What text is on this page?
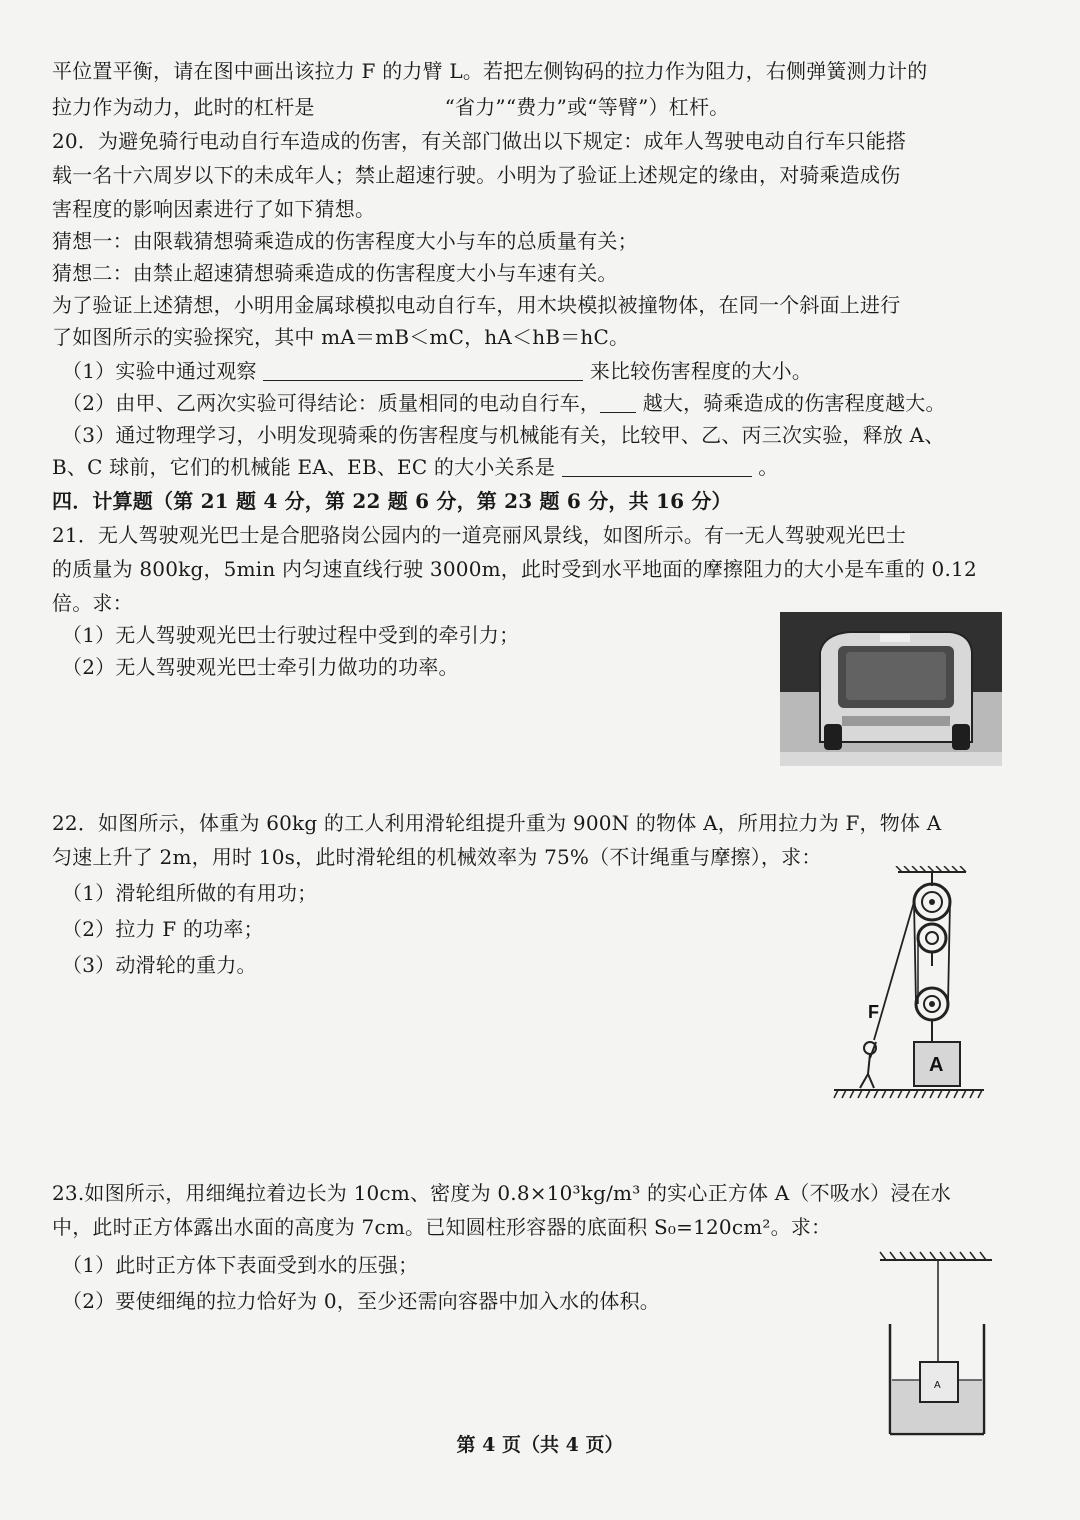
平位置平衡，请在图中画出该拉力 F 的力臂 L。若把左侧钩码的拉力作为阻力，右侧弹簧测力计的
拉力作为动力，此时的杠杆是	“省力”“费力”或“等臂”）杠杆。
20．为避免骑行电动自行车造成的伤害，有关部门做出以下规定：成年人驾驶电动自行车只能搭
载一名十六周岁以下的未成年人；禁止超速行驶。小明为了验证上述规定的缘由，对骑乘造成伤
害程度的影响因素进行了如下猜想。
猜想一：由限载猜想骑乘造成的伤害程度大小与车的总质量有关；
猜想二：由禁止超速猜想骑乘造成的伤害程度大小与车速有关。
为了验证上述猜想，小明用金属球模拟电动自行车，用木块模拟被撞物体，在同一个斜面上进行
了如图所示的实验探究，其中 mA＝mB＜mC，hA＜hB＝hC。
（1）实验中通过观察	来比较伤害程度的大小。
（2）由甲、乙两次实验可得结论：质量相同的电动自行车， 越大，骑乘造成的伤害程度越大。
（3）通过物理学习，小明发现骑乘的伤害程度与机械能有关，比较甲、乙、丙三次实验，释放 A、
B、C 球前，它们的机械能 EA、EB、EC 的大小关系是	。
四．计算题（第 21 题 4 分，第 22 题 6 分，第 23 题 6 分，共 16 分）
21．无人驾驶观光巴士是合肥骆岗公园内的一道亮丽风景线，如图所示。有一无人驾驶观光巴士
的质量为 800kg，5min 内匀速直线行驶 3000m，此时受到水平地面的摩擦阻力的大小是车重的 0.12
倍。求：
（1）无人驾驶观光巴士行驶过程中受到的牵引力；
（2）无人驾驶观光巴士牵引力做功的功率。
22．如图所示，体重为 60kg 的工人利用滑轮组提升重为 900N 的物体 A，所用拉力为 F，物体 A
匀速上升了 2m，用时 10s，此时滑轮组的机械效率为 75%（不计绳重与摩擦），求：
（1）滑轮组所做的有用功；
（2）拉力 F 的功率；
（3）动滑轮的重力。
A
F
23.如图所示，用细绳拉着边长为 10cm、密度为 0.8×10³kg/m³ 的实心正方体 A（不吸水）浸在水
中，此时正方体露出水面的高度为 7cm。已知圆柱形容器的底面积 S₀=120cm²。求：
（1）此时正方体下表面受到水的压强；
（2）要使细绳的拉力恰好为 0，至少还需向容器中加入水的体积。
A
第 4 页（共 4 页）
